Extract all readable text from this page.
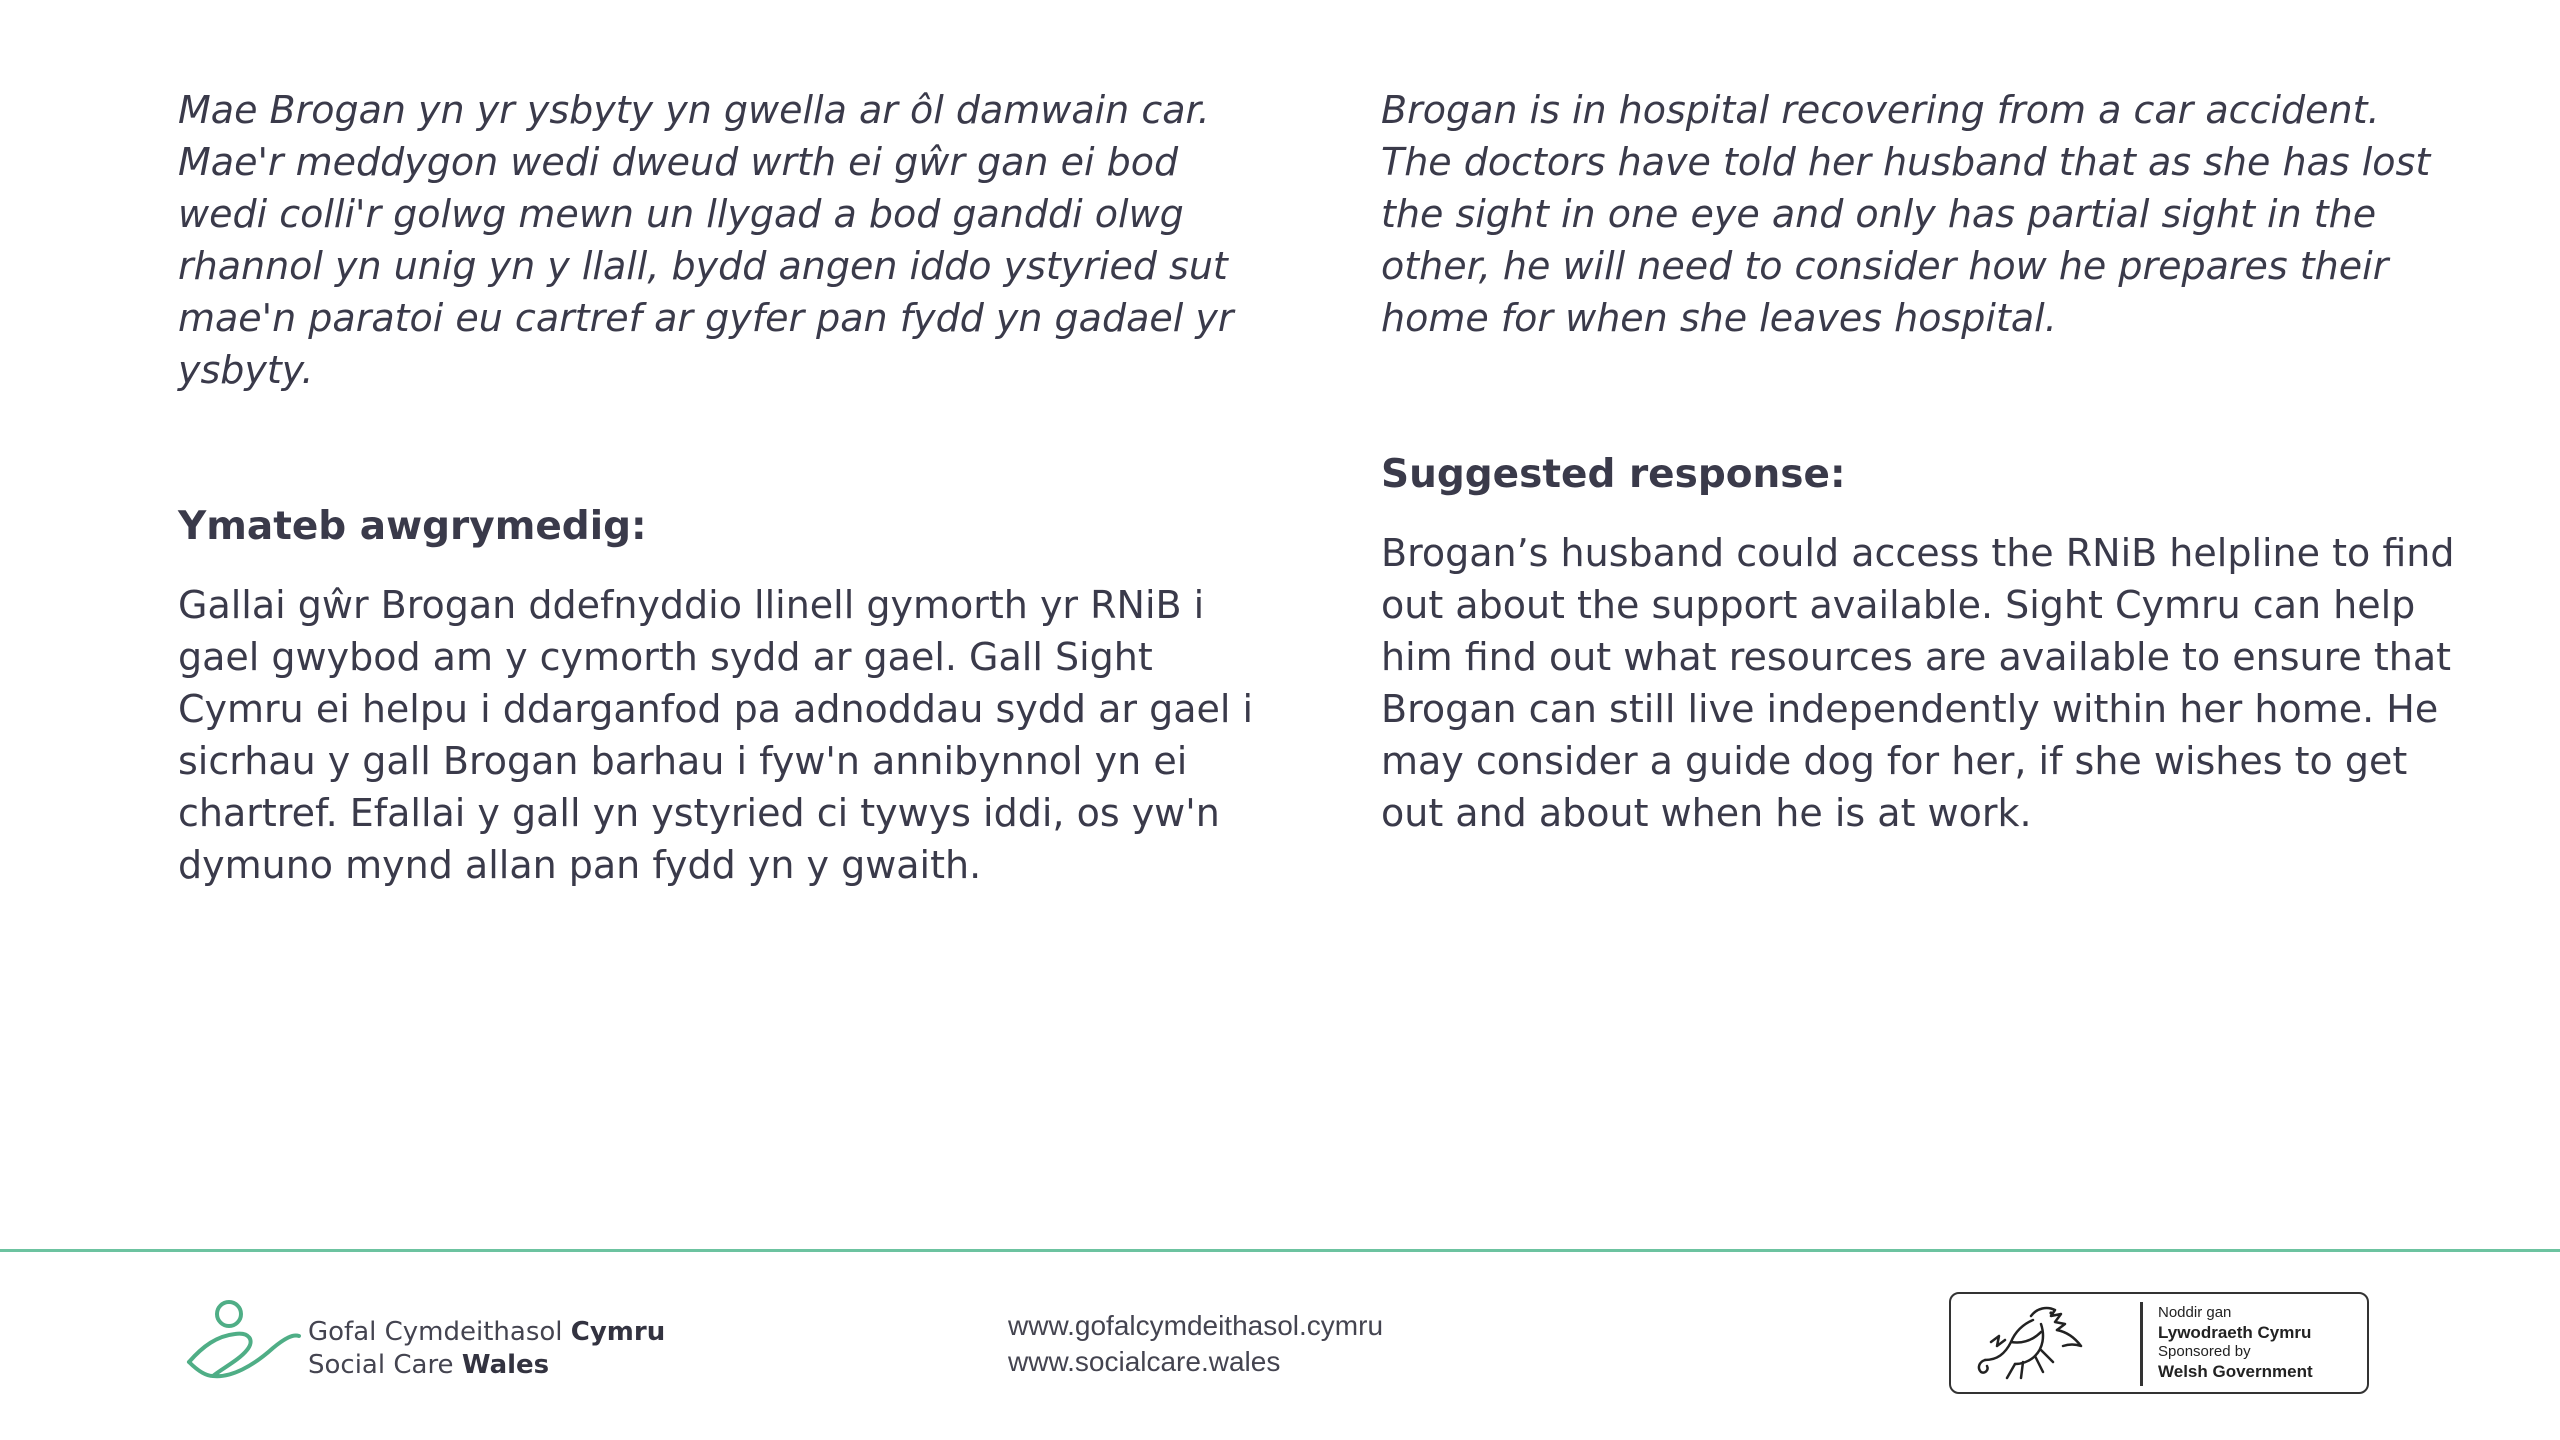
Mae Brogan yn yr ysbyty yn gwella ar ôl damwain car. Mae'r meddygon wedi dweud wrth ei gŵr gan ei bod wedi colli'r golwg mewn un llygad a bod ganddi olwg rhannol yn unig yn y llall, bydd angen iddo ystyried sut mae'n paratoi eu cartref ar gyfer pan fydd yn gadael yr ysbyty.

Ymateb awgrymedig:

Gallai gŵr Brogan ddefnyddio llinell gymorth yr RNiB i gael gwybod am y cymorth sydd ar gael. Gall Sight Cymru ei helpu i ddarganfod pa adnoddau sydd ar gael i sicrhau y gall Brogan barhau i fyw'n annibynnol yn ei chartref. Efallai y gall yn ystyried ci tywys iddi, os yw'n dymuno mynd allan pan fydd yn y gwaith.

Brogan is in hospital recovering from a car accident. The doctors have told her husband that as she has lost the sight in one eye and only has partial sight in the other, he will need to consider how he prepares their home for when she leaves hospital.

Suggested response:

Brogan’s husband could access the RNiB helpline to find out about the support available. Sight Cymru can help him find out what resources are available to ensure that Brogan can still live independently within her home. He may consider a guide dog for her, if she wishes to get out and about when he is at work.

Gofal Cymdeithasol Cymru
Social Care Wales
www.gofalcymdeithasol.cymru
www.socialcare.wales
Noddir gan
Lywodraeth Cymru
Sponsored by
Welsh Government
